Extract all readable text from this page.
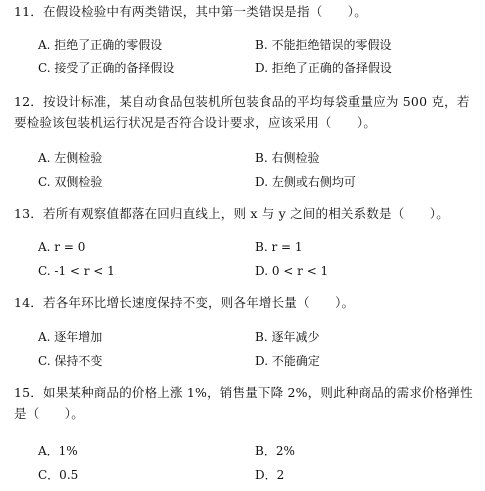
11．在假设检验中有两类错误，其中第一类错误是指（　　）。
A. 拒绝了正确的零假设	B. 不能拒绝错误的零假设
C. 接受了正确的备择假设	D. 拒绝了正确的备择假设
12．按设计标准，某自动食品包装机所包装食品的平均每袋重量应为 500 克，若要检验该包装机运行状况是否符合设计要求，应该采用（　　）。
A. 左侧检验	B. 右侧检验
C. 双侧检验	D. 左侧或右侧均可
13．若所有观察值都落在回归直线上，则 x 与 y 之间的相关系数是（　　）。
A. r = 0	B. r = 1
C. -1 < r < 1	D. 0 < r < 1
14．若各年环比增长速度保持不变，则各年增长量（　　）。
A. 逐年增加	B. 逐年减少
C. 保持不变	D. 不能确定
15．如果某种商品的价格上涨 1%，销售量下降 2%，则此种商品的需求价格弹性是（　　）。
A．1%	B．2%
C．0.5	D．2
